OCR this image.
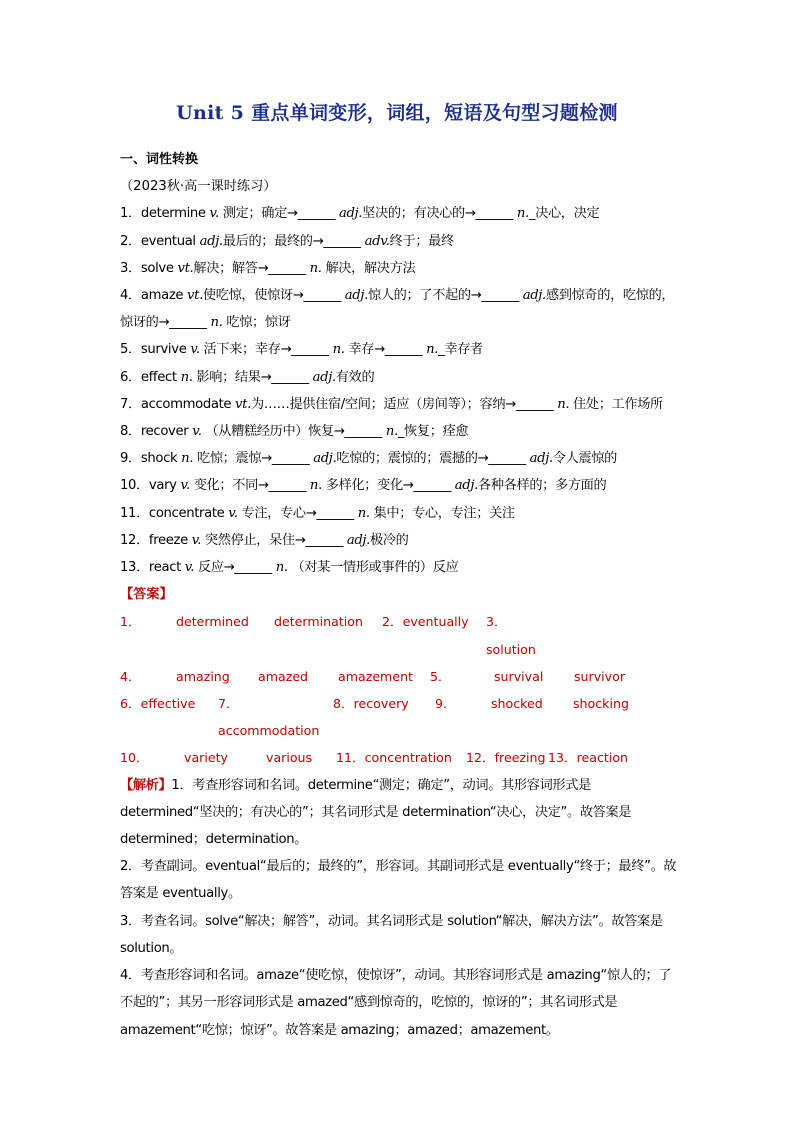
Unit 5 重点单词变形，词组，短语及句型习题检测

一、词性转换

（2023秋·高一课时练习）

1．determine v. 测定；确定→______ adj.坚决的；有决心的→______ n._决心，决定

2．eventual adj.最后的；最终的→______ adv.终于；最终

3．solve vt.解决；解答→______ n. 解决，解决方法

4．amaze vt.使吃惊，使惊讶→______ adj.惊人的；了不起的→______ adj.感到惊奇的，吃惊的，惊讶的→______ n. 吃惊；惊讶

5．survive v. 活下来；幸存→______ n. 幸存→______ n._幸存者

6．effect n. 影响；结果→______ adj.有效的

7．accommodate vt.为……提供住宿/空间；适应（房间等）；容纳→______ n. 住处；工作场所

8．recover v. （从糟糕经历中）恢复→______ n._恢复；痊愈

9．shock n. 吃惊；震惊→______ adj.吃惊的；震惊的；震撼的→______ adj.令人震惊的

10．vary v. 变化；不同→______ n. 多样化；变化→______ adj.各种各样的；多方面的

11．concentrate v. 专注，专心→______ n. 集中；专心，专注；关注

12．freeze v. 突然停止，呆住→______ adj.极冷的

13．react v. 反应→______ n. （对某一情形或事件的）反应

【答案】

1．	determined	determination	2．eventually	3．solution
4．	amazing	amazed	amazement	5．	survival	survivor
6．effective	7．accommodation
8．recovery	9．	shocked	shocking
10．	variety	various	11．concentration	12．freezing 13．reaction

【解析】1．考查形容词和名词。determine“测定；确定”，动词。其形容词形式是determined“坚决的；有决心的”；其名词形式是 determination“决心，决定”。故答案是determined；determination。

2．考查副词。eventual“最后的；最终的”，形容词。其副词形式是 eventually“终于；最终”。故答案是 eventually。

3．考查名词。solve“解决；解答”，动词。其名词形式是 solution“解决，解决方法”。故答案是 solution。

4．考查形容词和名词。amaze“使吃惊，使惊讶”，动词。其形容词形式是 amazing“惊人的；了不起的”；其另一形容词形式是 amazed“感到惊奇的，吃惊的，惊讶的”；其名词形式是 amazement“吃惊；惊讶”。故答案是 amazing；amazed；amazement。
